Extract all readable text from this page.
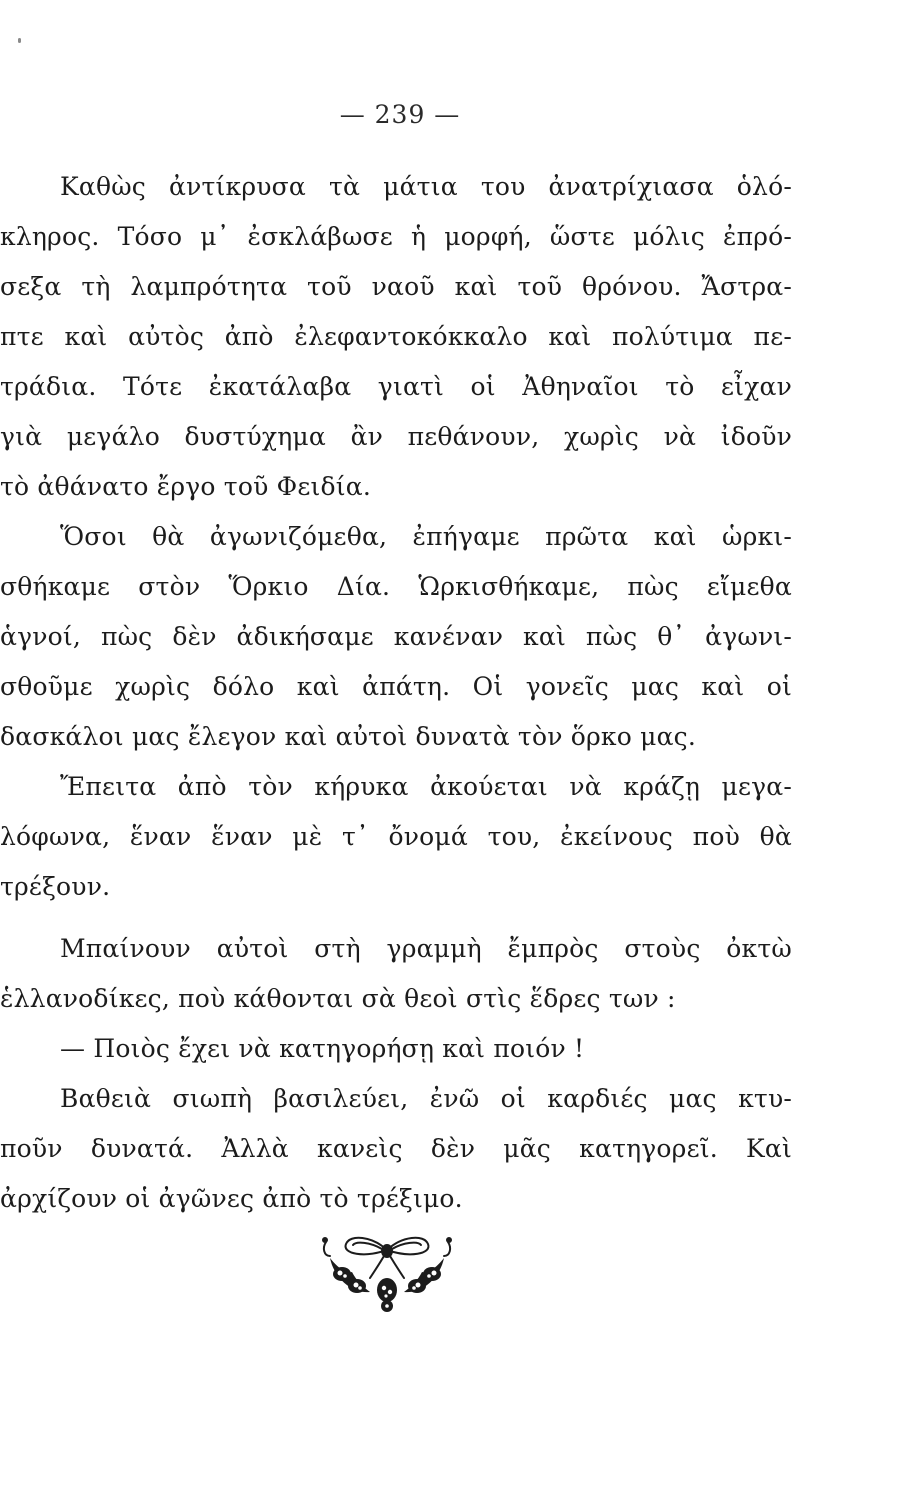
— 239 —
Καθὼς ἀντίκρυσα τὰ μάτια του ἀνατρίχιασα ὁλό-
κληρος. Τόσο μ᾽ ἐσκλάβωσε ἡ μορφή, ὥστε μόλις ἐπρό-
σεξα τὴ λαμπρότητα τοῦ ναοῦ καὶ τοῦ θρόνου. Ἄστρα-
πτε καὶ αὐτὸς ἀπὸ ἐλεφαντοκόκκαλο καὶ πολύτιμα πε-
τράδια. Τότε ἐκατάλαβα γιατὶ οἱ Ἀθηναῖοι τὸ εἶχαν
γιὰ μεγάλο δυστύχημα ἂν πεθάνουν, χωρὶς νὰ ἰδοῦν
τὸ ἀθάνατο ἔργο τοῦ Φειδία.
Ὅσοι θὰ ἀγωνιζόμεθα, ἐπήγαμε πρῶτα καὶ ὡρκι-
σθήκαμε στὸν Ὅρκιο Δία. Ὡρκισθήκαμε, πὼς εἴμεθα
ἁγνοί, πὼς δὲν ἀδικήσαμε κανέναν καὶ πὼς θ᾽ ἀγωνι-
σθοῦμε χωρὶς δόλο καὶ ἀπάτη. Οἱ γονεῖς μας καὶ οἱ
δασκάλοι μας ἔλεγον καὶ αὐτοὶ δυνατὰ τὸν ὅρκο μας.
Ἔπειτα ἀπὸ τὸν κήρυκα ἀκούεται νὰ κράζῃ μεγα-
λόφωνα, ἕναν ἕναν μὲ τ᾽ ὄνομά του, ἐκείνους ποὺ θὰ
τρέξουν.
Μπαίνουν αὐτοὶ στὴ γραμμὴ ἔμπρὸς στοὺς ὀκτὼ
ἑλλανοδίκες, ποὺ κάθονται σὰ θεοὶ στὶς ἕδρες των :
— Ποιὸς ἔχει νὰ κατηγορήσῃ καὶ ποιόν !
Βαθειὰ σιωπὴ βασιλεύει, ἐνῶ οἱ καρδιές μας κτυ-
ποῦν δυνατά. Ἀλλὰ κανεὶς δὲν μᾶς κατηγορεῖ. Καὶ
ἀρχίζουν οἱ ἀγῶνες ἀπὸ τὸ τρέξιμο.
